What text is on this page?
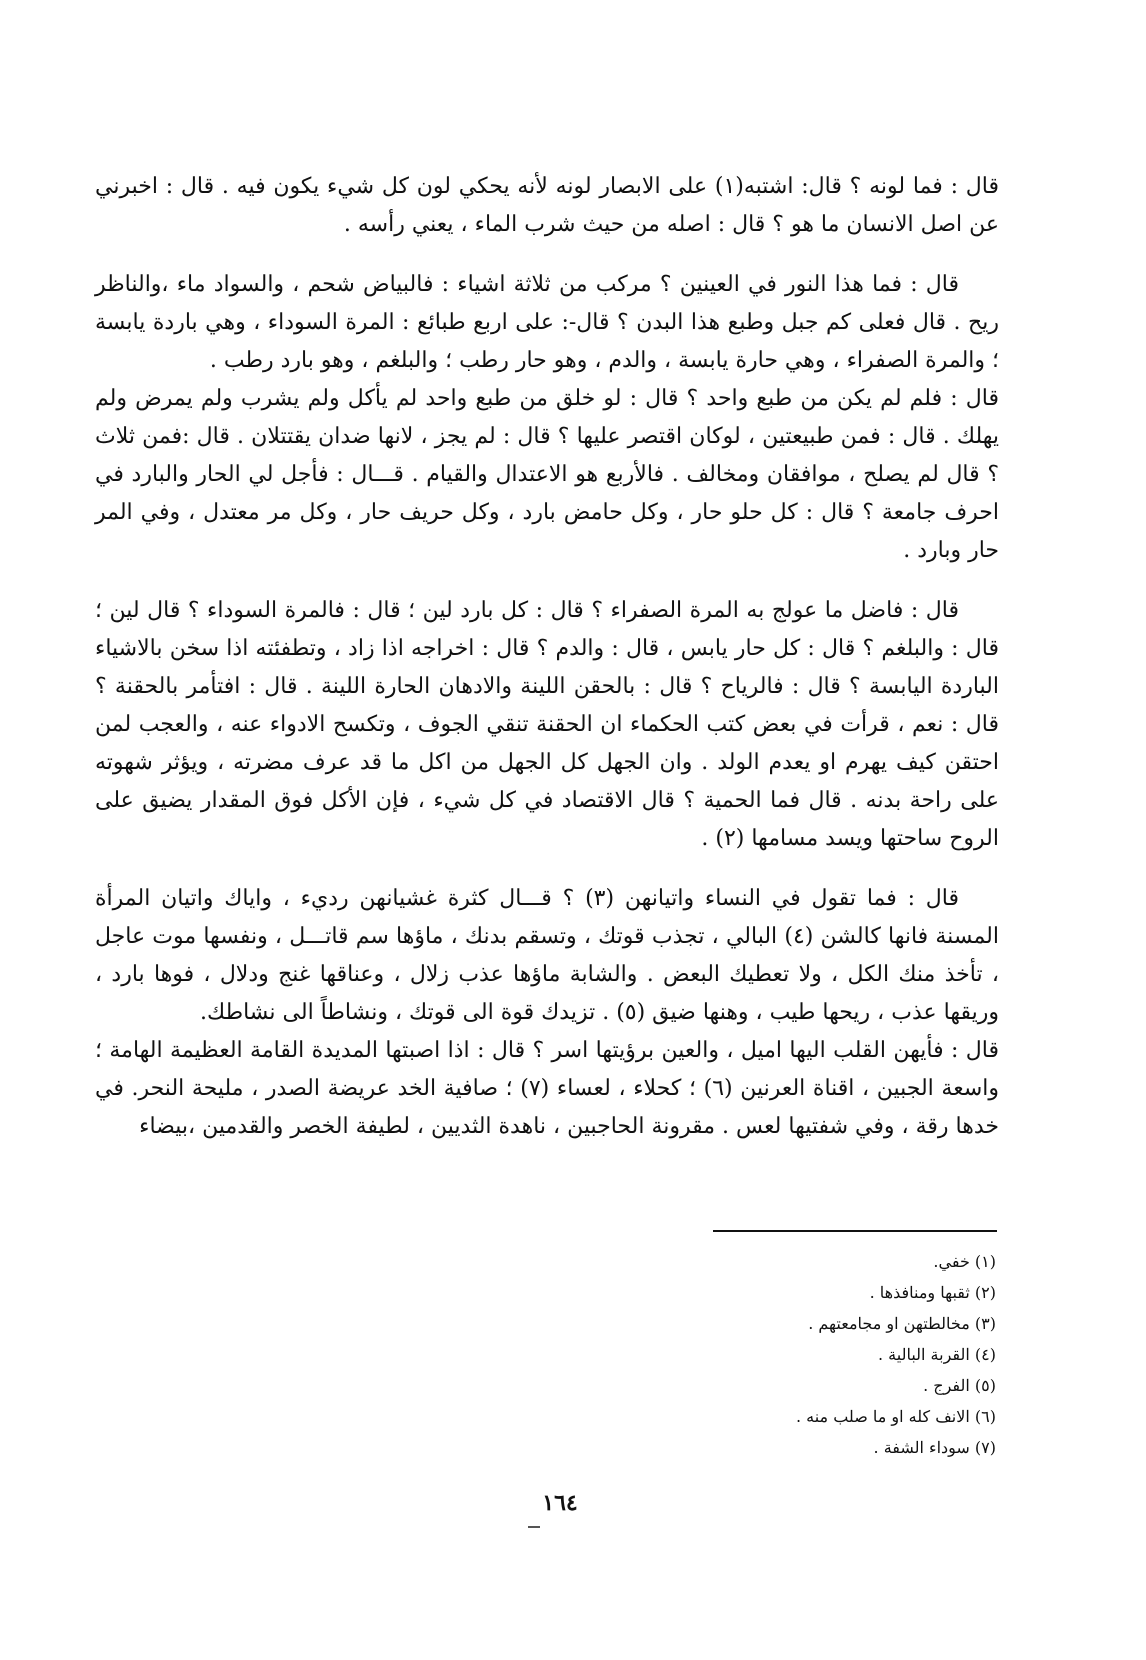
قال : فما لونه ؟ قال: اشتبه(١) على الابصار لونه لأنه يحكي لون كل شيء يكون فيه . قال : اخبرني عن اصل الانسان ما هو ؟ قال : اصله من حيث شرب الماء ، يعني رأسه .

قال : فما هذا النور في العينين ؟ مركب من ثلاثة اشياء : فالبياض شحم ، والسواد ماء ،والناظر ريح . قال فعلى كم جبل وطبع هذا البدن ؟ قال-: على اربع طبائع : المرة السوداء ، وهي باردة يابسة ؛ والمرة الصفراء ، وهي حارة يابسة ، والدم ، وهو حار رطب ؛ والبلغم ، وهو بارد رطب .

قال : فلم لم يكن من طبع واحد ؟ قال : لو خلق من طبع واحد لم يأكل ولم يشرب ولم يمرض ولم يهلك . قال : فمن طبيعتين ، لوكان اقتصر عليها ؟ قال : لم يجز ، لانها ضدان يقتتلان . قال :فمن ثلاث ؟ قال لم يصلح ، موافقان ومخالف . فالأربع هو الاعتدال والقيام . قـــال : فأجل لي الحار والبارد في احرف جامعة ؟ قال : كل حلو حار ، وكل حامض بارد ، وكل حريف حار ، وكل مر معتدل ، وفي المر حار وبارد .

قال : فاضل ما عولج به المرة الصفراء ؟ قال : كل بارد لين ؛ قال : فالمرة السوداء ؟ قال لين ؛ قال : والبلغم ؟ قال : كل حار يابس ، قال : والدم ؟ قال : اخراجه اذا زاد ، وتطفئته اذا سخن بالاشياء الباردة اليابسة ؟ قال : فالرياح ؟ قال : بالحقن اللينة والادهان الحارة اللينة . قال : افتأمر بالحقنة ؟ قال : نعم ، قرأت في بعض كتب الحكماء ان الحقنة تنقي الجوف ، وتكسح الادواء عنه ، والعجب لمن احتقن كيف يهرم او يعدم الولد . وان الجهل كل الجهل من اكل ما قد عرف مضرته ، ويؤثر شهوته على راحة بدنه . قال فما الحمية ؟ قال الاقتصاد في كل شيء ، فإن الأكل فوق المقدار يضيق على الروح ساحتها ويسد مسامها (٢) .

قال : فما تقول في النساء واتيانهن (٣) ؟ قـــال كثرة غشيانهن رديء ، واياك واتيان المرأة المسنة فانها كالشن (٤) البالي ، تجذب قوتك ، وتسقم بدنك ، ماؤها سم قاتـــل ، ونفسها موت عاجل ، تأخذ منك الكل ، ولا تعطيك البعض . والشابة ماؤها عذب زلال ، وعناقها غنج ودلال ، فوها بارد ، وريقها عذب ، ريحها طيب ، وهنها ضيق (٥) . تزيدك قوة الى قوتك ، ونشاطاً الى نشاطك.

قال : فأيهن القلب اليها اميل ، والعين برؤيتها اسر ؟ قال : اذا اصبتها المديدة القامة العظيمة الهامة ؛ واسعة الجبين ، اقناة العرنين (٦) ؛ كحلاء ، لعساء (٧) ؛ صافية الخد عريضة الصدر ، مليحة النحر. في خدها رقة ، وفي شفتيها لعس . مقرونة الحاجبين ، ناهدة الثديين ، لطيفة الخصر والقدمين ،بيضاء

(١) خفي.
(٢) ثقبها ومنافذها .
(٣) مخالطتهن او مجامعتهم .
(٤) القربة البالية .
(٥) الفرج .
(٦) الانف كله او ما صلب منه .
(٧) سوداء الشفة .
١٦٤
